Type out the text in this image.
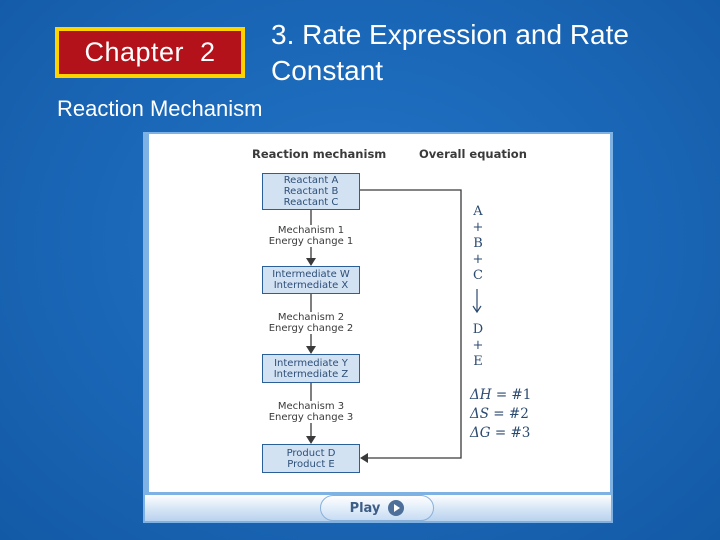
Chapter  2
3. Rate Expression and Rate Constant
Reaction Mechanism
Reaction mechanism	Overall equation
Reactant A
Reactant B
Reactant C
Intermediate W
Intermediate X
Intermediate Y
Intermediate Z
Product D
Product E
Mechanism 1
Energy change 1
Mechanism 2
Energy change 2
Mechanism 3
Energy change 3
A
+
B
+
C
D
+
E
ΔH = #1
ΔS = #2
ΔG = #3
Play
